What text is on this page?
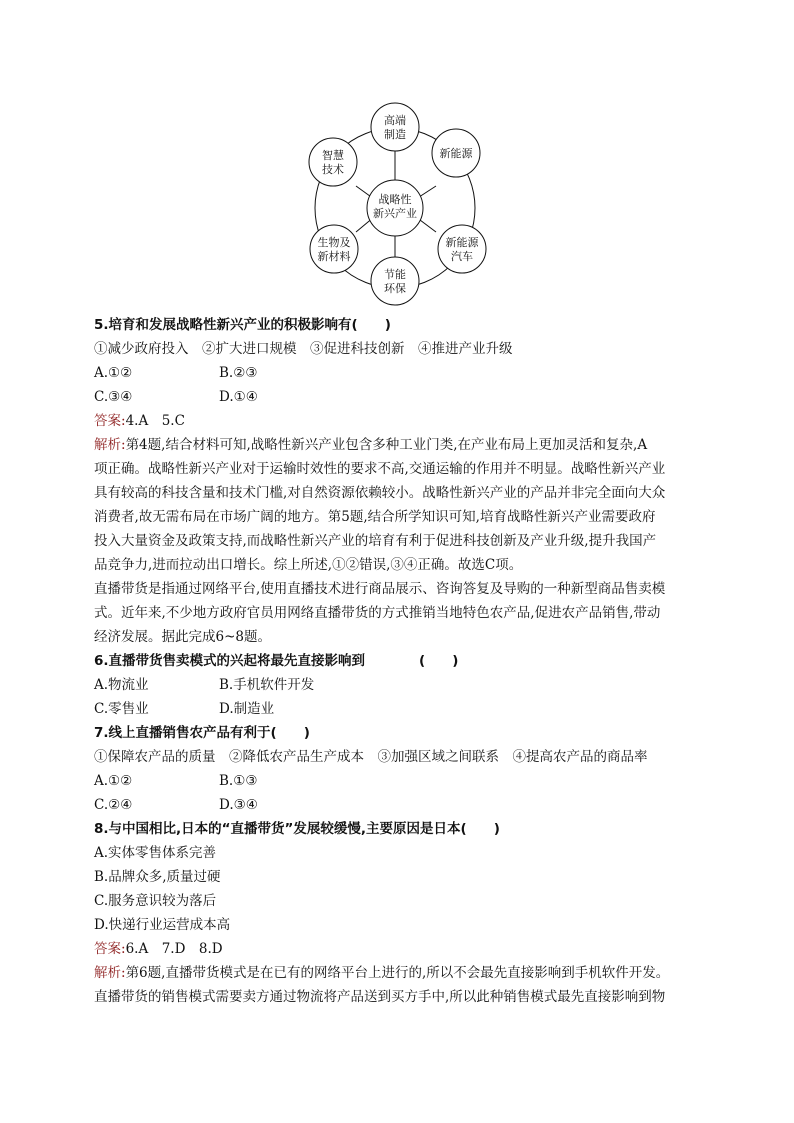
战略性
新兴产业
高端
制造
新能源
新能源
汽车
节能
环保
生物及
新材料
智慧
技术
5.培育和发展战略性新兴产业的积极影响有(　　)
①减少政府投入　②扩大进口规模　③促进科技创新　④推进产业升级
A.①②	B.②③
C.③④	D.①④
答案:4.A　5.C
解析:第4题,结合材料可知,战略性新兴产业包含多种工业门类,在产业布局上更加灵活和复杂,A
项正确。战略性新兴产业对于运输时效性的要求不高,交通运输的作用并不明显。战略性新兴产业
具有较高的科技含量和技术门槛,对自然资源依赖较小。战略性新兴产业的产品并非完全面向大众
消费者,故无需布局在市场广阔的地方。第5题,结合所学知识可知,培育战略性新兴产业需要政府
投入大量资金及政策支持,而战略性新兴产业的培育有利于促进科技创新及产业升级,提升我国产
品竞争力,进而拉动出口增长。综上所述,①②错误,③④正确。故选C项。
直播带货是指通过网络平台,使用直播技术进行商品展示、咨询答复及导购的一种新型商品售卖模
式。近年来,不少地方政府官员用网络直播带货的方式推销当地特色农产品,促进农产品销售,带动
经济发展。据此完成6~8题。
6.直播带货售卖模式的兴起将最先直接影响到　　　　(　　)
A.物流业	B.手机软件开发
C.零售业	D.制造业
7.线上直播销售农产品有利于(　　)
①保障农产品的质量　②降低农产品生产成本　③加强区域之间联系　④提高农产品的商品率
A.①②	B.①③
C.②④	D.③④
8.与中国相比,日本的“直播带货”发展较缓慢,主要原因是日本(　　)
A.实体零售体系完善
B.品牌众多,质量过硬
C.服务意识较为落后
D.快递行业运营成本高
答案:6.A　7.D　8.D
解析:第6题,直播带货模式是在已有的网络平台上进行的,所以不会最先直接影响到手机软件开发。
直播带货的销售模式需要卖方通过物流将产品送到买方手中,所以此种销售模式最先直接影响到物
